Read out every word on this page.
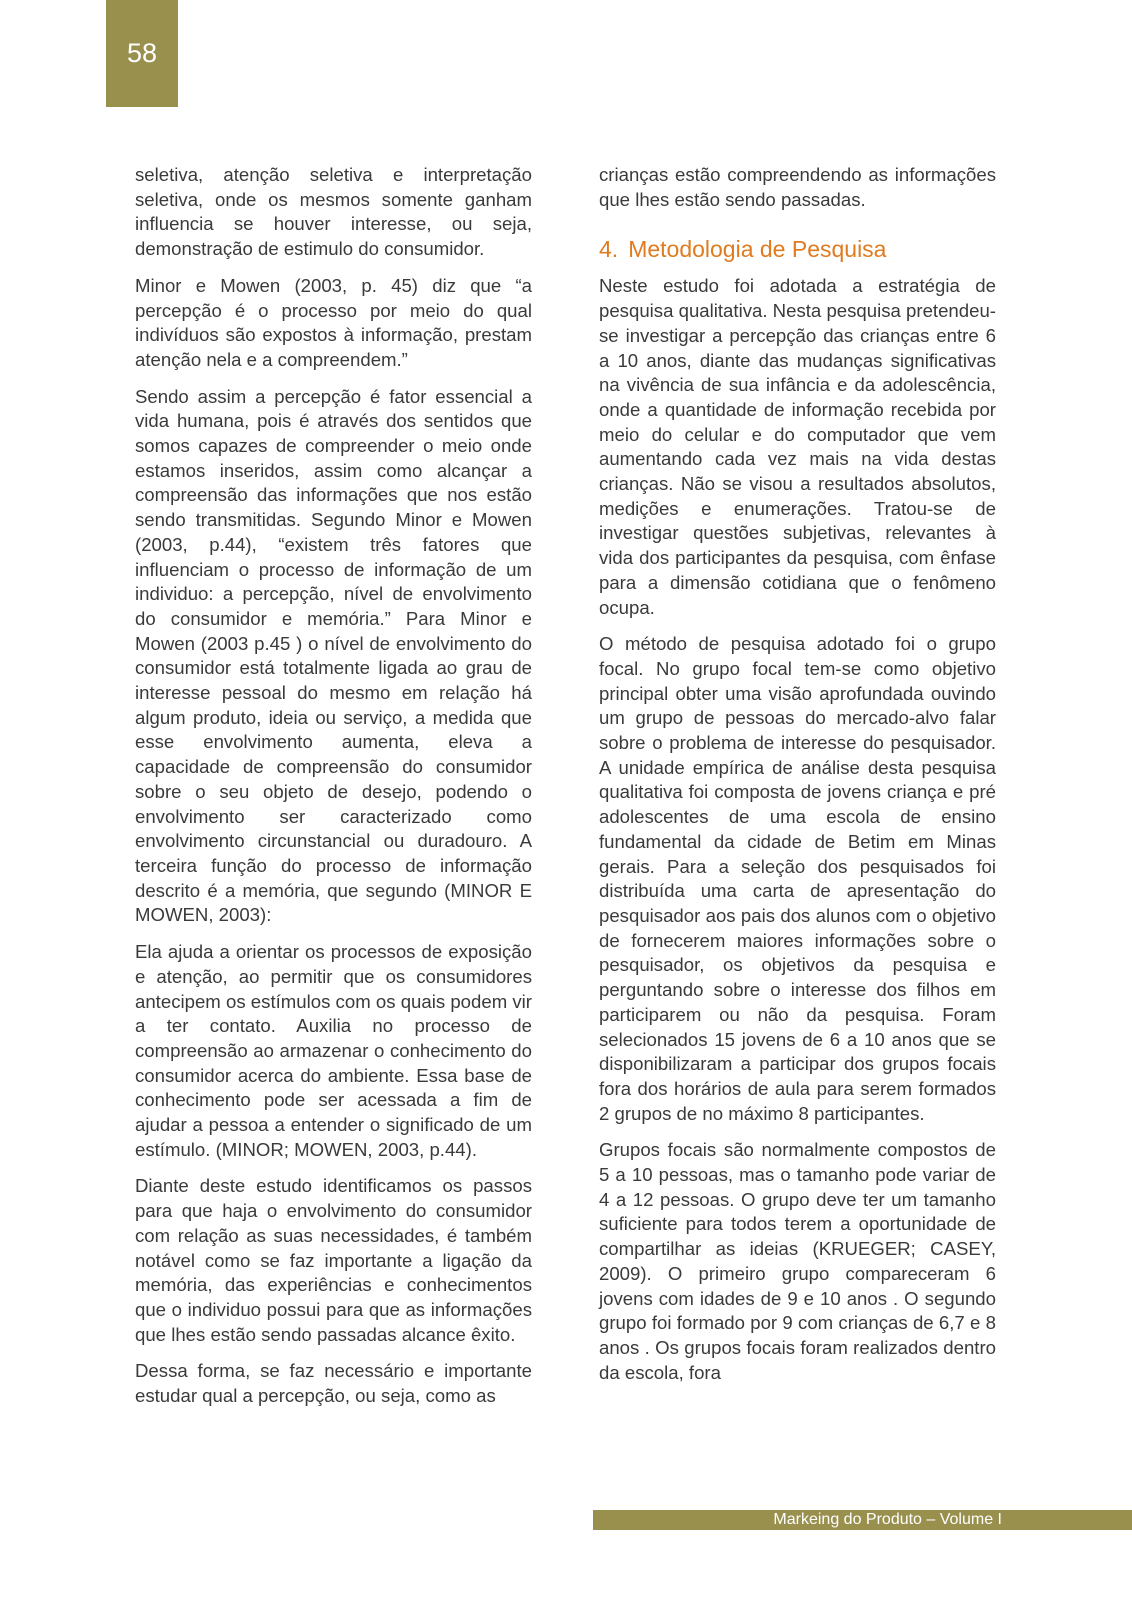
58

seletiva, atenção seletiva e interpretação seletiva, onde os mesmos somente ganham influencia se houver interesse, ou seja, demonstração de estimulo do consumidor.

Minor e Mowen (2003, p. 45) diz que “a percepção é o processo por meio do qual indivíduos são expostos à informação, prestam atenção nela e a compreendem.”

Sendo assim a percepção é fator essencial a vida humana, pois é através dos sentidos que somos capazes de compreender o meio onde estamos inseridos, assim como alcançar a compreensão das informações que nos estão sendo transmitidas. Segundo Minor e Mowen (2003, p.44), “existem três fatores que influenciam o processo de informação de um individuo: a percepção, nível de envolvimento do consumidor e memória.” Para Minor e Mowen (2003 p.45 ) o nível de envolvimento do consumidor está totalmente ligada ao grau de interesse pessoal do mesmo em relação há algum produto, ideia ou serviço, a medida que esse envolvimento aumenta, eleva a capacidade de compreensão do consumidor sobre o seu objeto de desejo, podendo o envolvimento ser caracterizado como envolvimento circunstancial ou duradouro. A terceira função do processo de informação descrito é a memória, que segundo (MINOR E MOWEN, 2003):

Ela ajuda a orientar os processos de exposição e atenção, ao permitir que os consumidores antecipem os estímulos com os quais podem vir a ter contato. Auxilia no processo de compreensão ao armazenar o conhecimento do consumidor acerca do ambiente. Essa base de conhecimento pode ser acessada a fim de ajudar a pessoa a entender o significado de um estímulo. (MINOR; MOWEN, 2003, p.44).

Diante deste estudo identificamos os passos para que haja o envolvimento do consumidor com relação as suas necessidades, é também notável como se faz importante a ligação da memória, das experiências e conhecimentos que o individuo possui para que as informações que lhes estão sendo passadas alcance êxito.

Dessa forma, se faz necessário e importante estudar qual a percepção, ou seja, como as

crianças estão compreendendo as informações que lhes estão sendo passadas.

4. Metodologia de Pesquisa

Neste estudo foi adotada a estratégia de pesquisa qualitativa. Nesta pesquisa pretendeu-se investigar a percepção das crianças entre 6 a 10 anos, diante das mudanças significativas na vivência de sua infância e da adolescência, onde a quantidade de informação recebida por meio do celular e do computador que vem aumentando cada vez mais na vida destas crianças. Não se visou a resultados absolutos, medições e enumerações. Tratou-se de investigar questões subjetivas, relevantes à vida dos participantes da pesquisa, com ênfase para a dimensão cotidiana que o fenômeno ocupa.

O método de pesquisa adotado foi o grupo focal. No grupo focal tem-se como objetivo principal obter uma visão aprofundada ouvindo um grupo de pessoas do mercado-alvo falar sobre o problema de interesse do pesquisador. A unidade empírica de análise desta pesquisa qualitativa foi composta de jovens criança e pré adolescentes de uma escola de ensino fundamental da cidade de Betim em Minas gerais. Para a seleção dos pesquisados foi distribuída uma carta de apresentação do pesquisador aos pais dos alunos com o objetivo de fornecerem maiores informações sobre o pesquisador, os objetivos da pesquisa e perguntando sobre o interesse dos filhos em participarem ou não da pesquisa. Foram selecionados 15 jovens de 6 a 10 anos que se disponibilizaram a participar dos grupos focais fora dos horários de aula para serem formados 2 grupos de no máximo 8 participantes.

Grupos focais são normalmente compostos de 5 a 10 pessoas, mas o tamanho pode variar de 4 a 12 pessoas. O grupo deve ter um tamanho suficiente para todos terem a oportunidade de compartilhar as ideias (KRUEGER; CASEY, 2009). O primeiro grupo compareceram 6 jovens com idades de 9 e 10 anos . O segundo grupo foi formado por 9 com crianças de 6,7 e 8 anos . Os grupos focais foram realizados dentro da escola, fora

Markeing do Produto – Volume I
